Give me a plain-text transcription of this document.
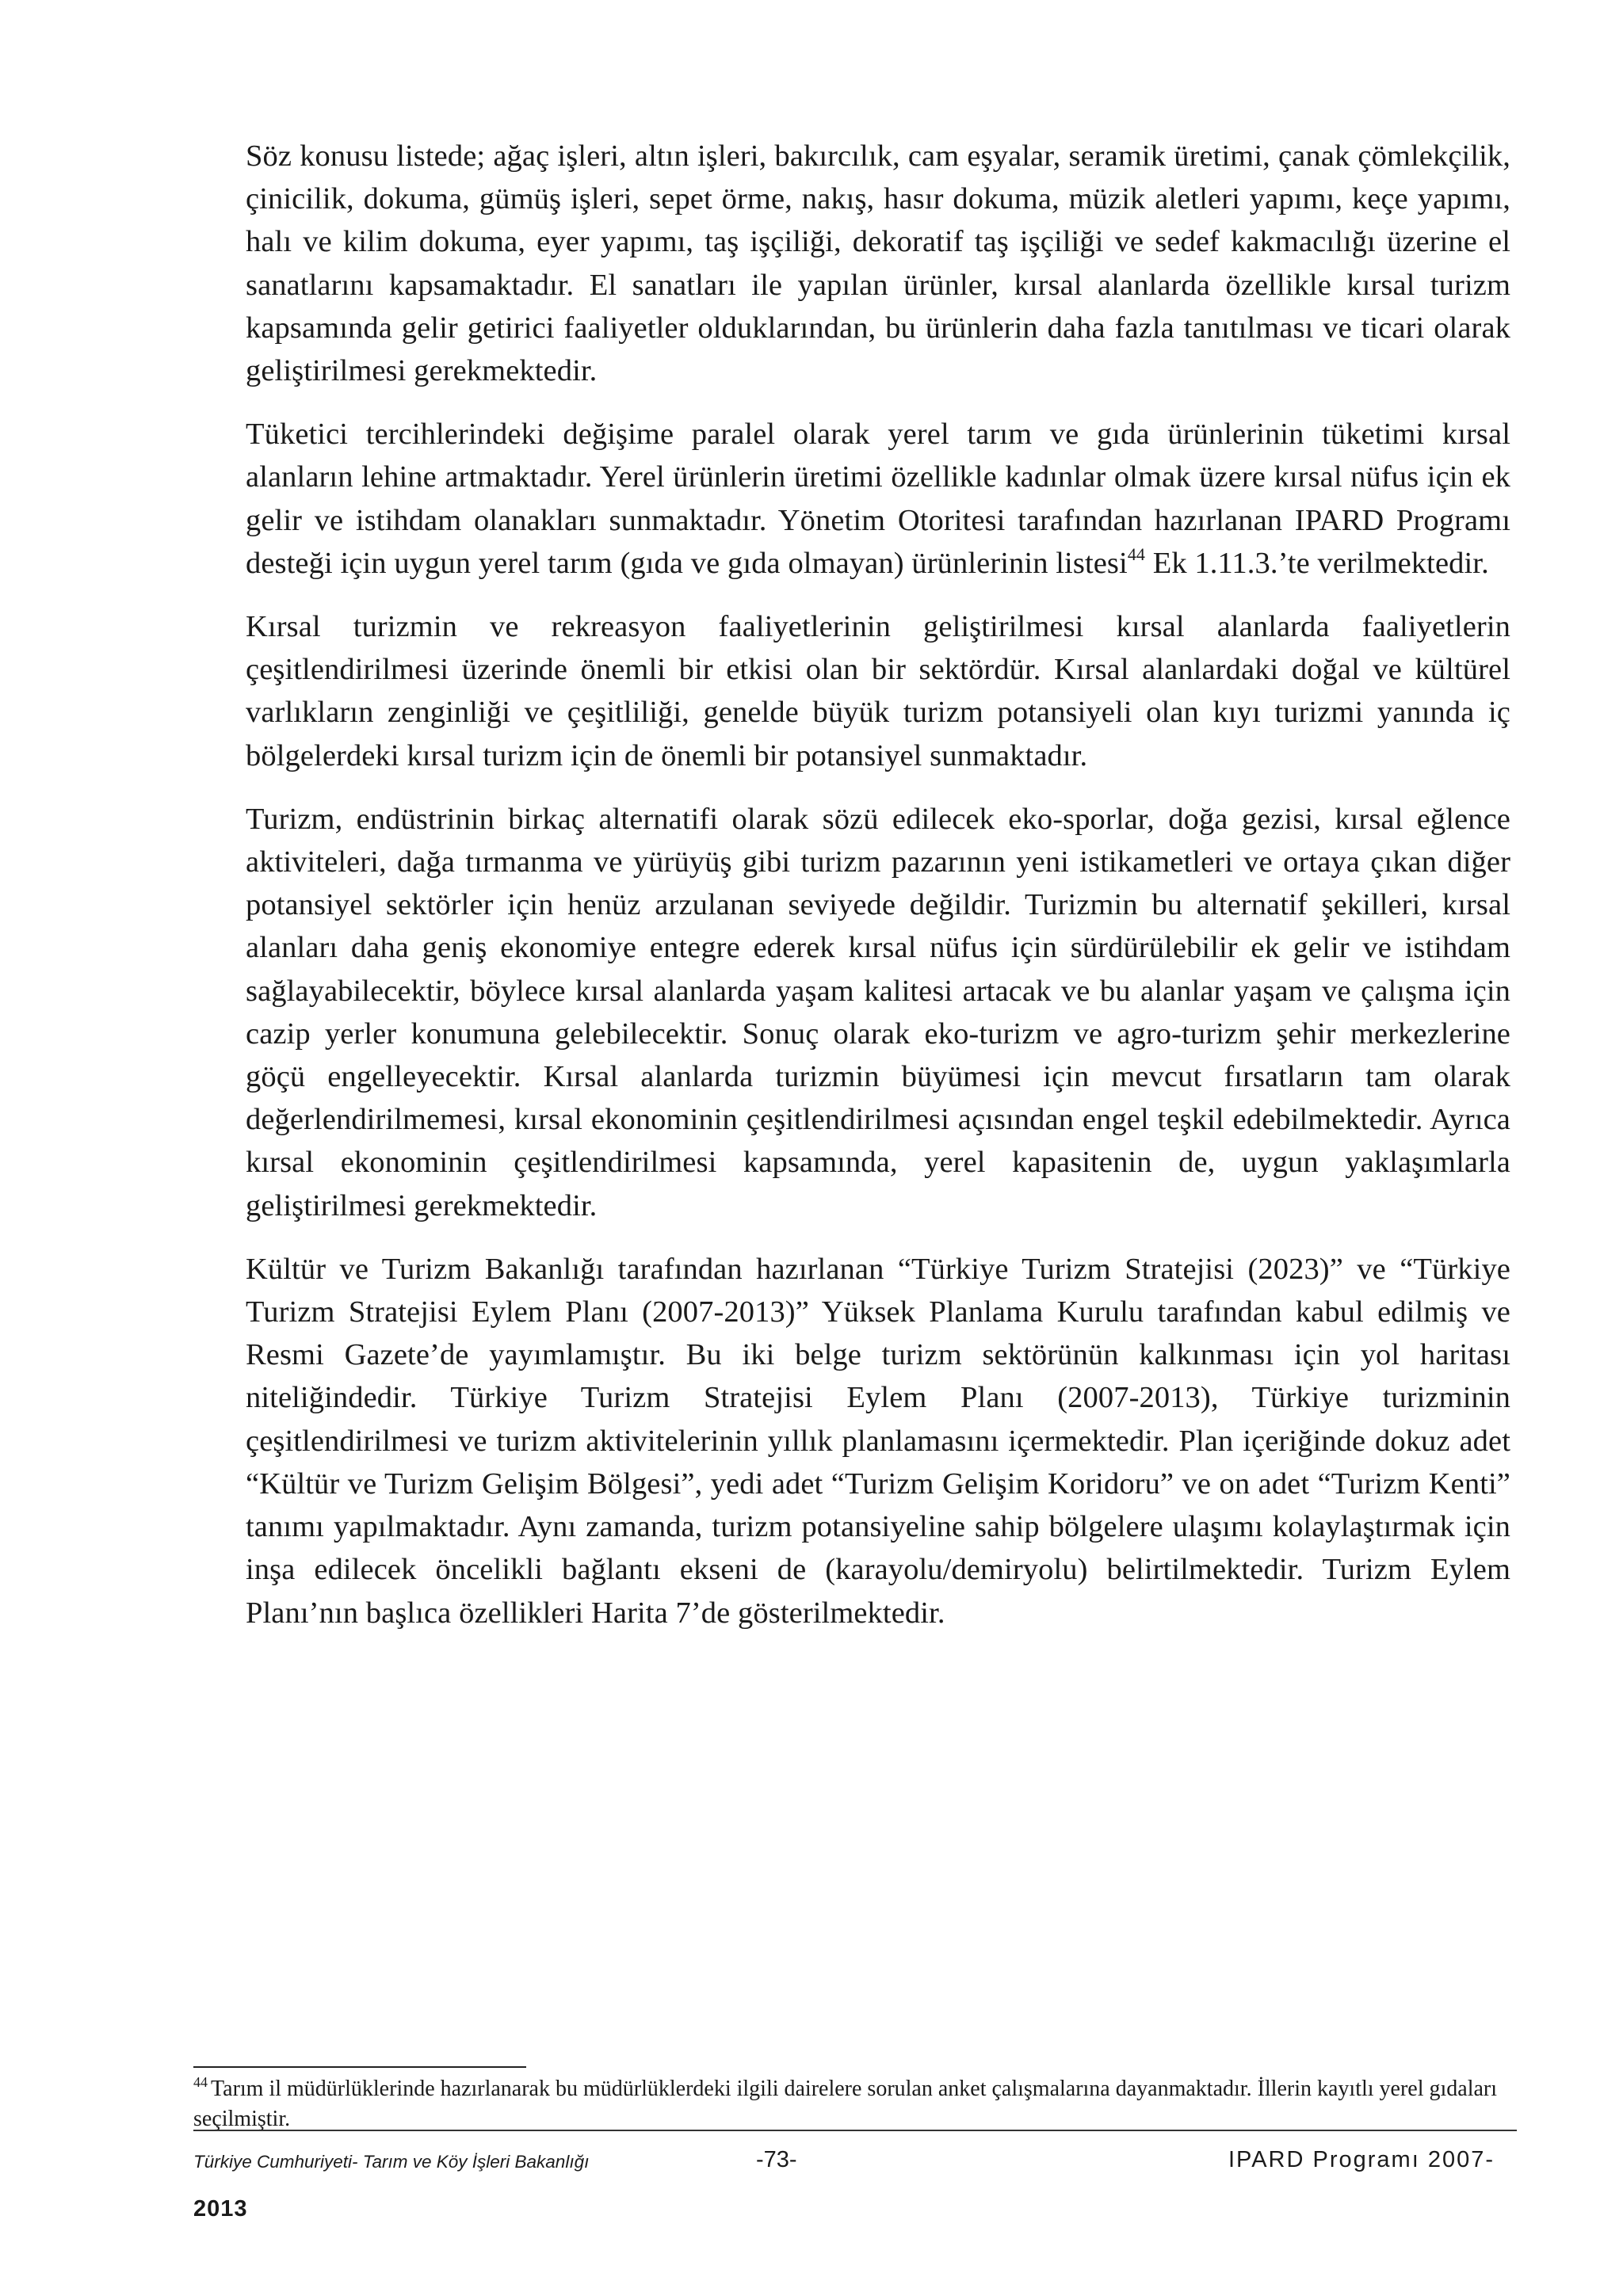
Söz konusu listede; ağaç işleri, altın işleri, bakırcılık, cam eşyalar, seramik üretimi, çanak çömlekçilik, çinicilik, dokuma, gümüş işleri, sepet örme, nakış, hasır dokuma, müzik aletleri yapımı, keçe yapımı, halı ve kilim dokuma, eyer yapımı, taş işçiliği, dekoratif taş işçiliği ve sedef kakmacılığı üzerine el sanatlarını kapsamaktadır. El sanatları ile yapılan ürünler, kırsal alanlarda özellikle kırsal turizm kapsamında gelir getirici faaliyetler olduklarından, bu ürünlerin daha fazla tanıtılması ve ticari olarak geliştirilmesi gerekmektedir.

Tüketici tercihlerindeki değişime paralel olarak yerel tarım ve gıda ürünlerinin tüketimi kırsal alanların lehine artmaktadır. Yerel ürünlerin üretimi özellikle kadınlar olmak üzere kırsal nüfus için ek gelir ve istihdam olanakları sunmaktadır. Yönetim Otoritesi tarafından hazırlanan IPARD Programı desteği için uygun yerel tarım (gıda ve gıda olmayan) ürünlerinin listesi$^{44}$ Ek 1.11.3.’te verilmektedir.

Kırsal turizmin ve rekreasyon faaliyetlerinin geliştirilmesi kırsal alanlarda faaliyetlerin çeşitlendirilmesi üzerinde önemli bir etkisi olan bir sektördür. Kırsal alanlardaki doğal ve kültürel varlıkların zenginliği ve çeşitliliği, genelde büyük turizm potansiyeli olan kıyı turizmi yanında iç bölgelerdeki kırsal turizm için de önemli bir potansiyel sunmaktadır.

Turizm, endüstrinin birkaç alternatifi olarak sözü edilecek eko-sporlar, doğa gezisi, kırsal eğlence aktiviteleri, dağa tırmanma ve yürüyüş gibi turizm pazarının yeni istikametleri ve ortaya çıkan diğer potansiyel sektörler için henüz arzulanan seviyede değildir. Turizmin bu alternatif şekilleri, kırsal alanları daha geniş ekonomiye entegre ederek kırsal nüfus için sürdürülebilir ek gelir ve istihdam sağlayabilecektir, böylece kırsal alanlarda yaşam kalitesi artacak ve bu alanlar yaşam ve çalışma için cazip yerler konumuna gelebilecektir. Sonuç olarak eko-turizm ve agro-turizm şehir merkezlerine göçü engelleyecektir. Kırsal alanlarda turizmin büyümesi için mevcut fırsatların tam olarak değerlendirilmemesi, kırsal ekonominin çeşitlendirilmesi açısından engel teşkil edebilmektedir. Ayrıca kırsal ekonominin çeşitlendirilmesi kapsamında, yerel kapasitenin de, uygun yaklaşımlarla geliştirilmesi gerekmektedir.

Kültür ve Turizm Bakanlığı tarafından hazırlanan “Türkiye Turizm Stratejisi (2023)” ve “Türkiye Turizm Stratejisi Eylem Planı (2007-2013)” Yüksek Planlama Kurulu tarafından kabul edilmiş ve Resmi Gazete’de yayımlamıştır. Bu iki belge turizm sektörünün kalkınması için yol haritası niteliğindedir. Türkiye Turizm Stratejisi Eylem Planı (2007-2013), Türkiye turizminin çeşitlendirilmesi ve turizm aktivitelerinin yıllık planlamasını içermektedir. Plan içeriğinde dokuz adet “Kültür ve Turizm Gelişim Bölgesi”, yedi adet “Turizm Gelişim Koridoru” ve on adet “Turizm Kenti” tanımı yapılmaktadır. Aynı zamanda, turizm potansiyeline sahip bölgelere ulaşımı kolaylaştırmak için inşa edilecek öncelikli bağlantı ekseni de (karayolu/demiryolu) belirtilmektedir. Turizm Eylem Planı’nın başlıca özellikleri Harita 7’de gösterilmektedir.

$^{44}$ Tarım il müdürlüklerinde hazırlanarak bu müdürlüklerdeki ilgili dairelere sorulan anket çalışmalarına dayanmaktadır. İllerin kayıtlı yerel gıdaları seçilmiştir.
Türkiye Cumhuriyeti- Tarım ve Köy İşleri Bakanlığı	-73-	IPARD Programı 2007-
2013
